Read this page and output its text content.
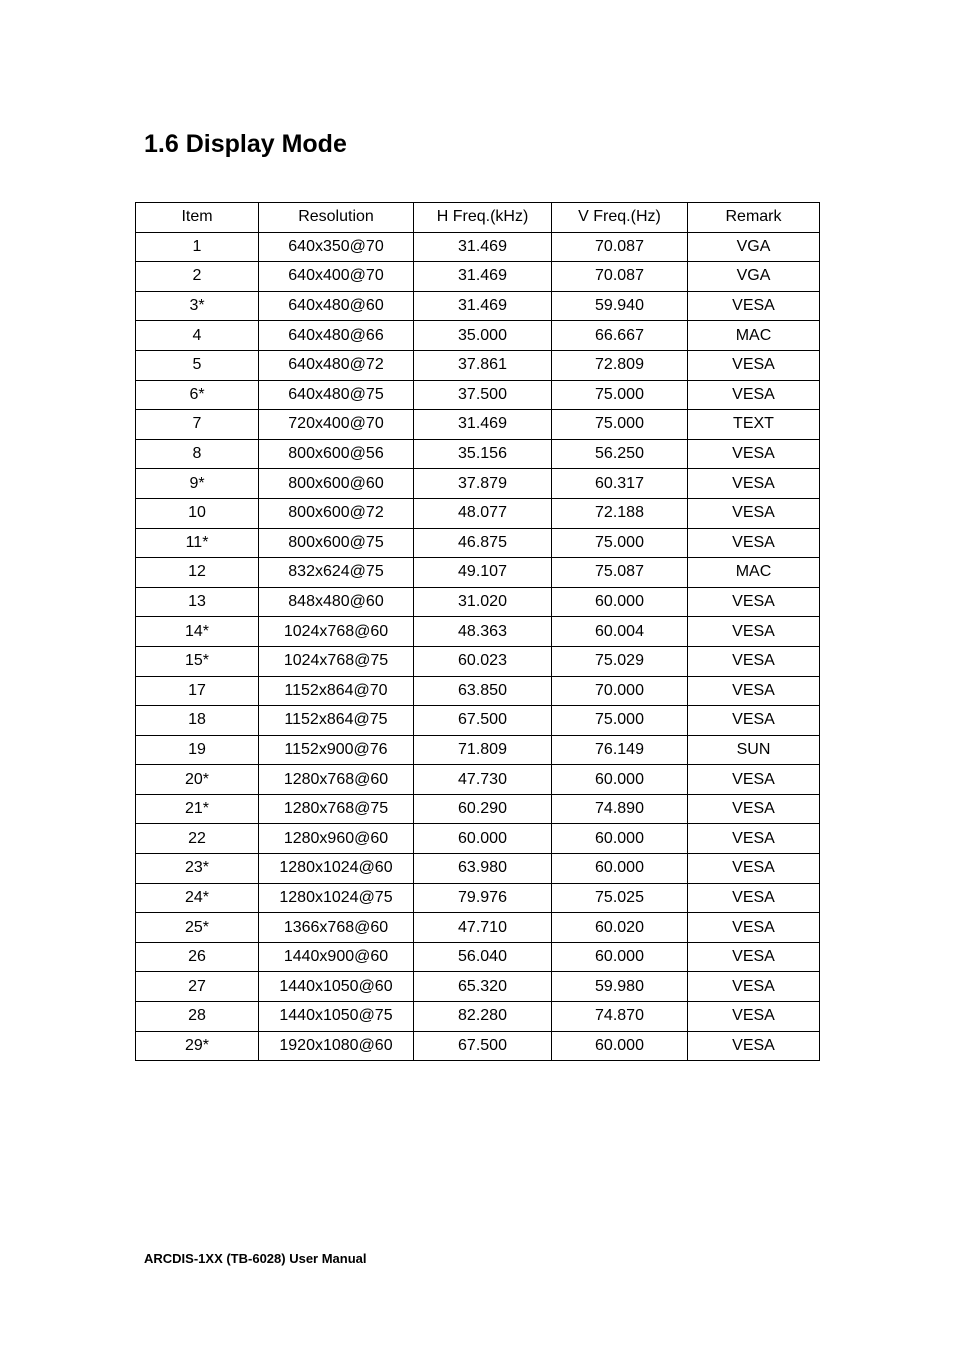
1.6 Display Mode
Item	Resolution	H Freq.(kHz)	V Freq.(Hz)	Remark
1	640x350@70	31.469	70.087	VGA
2	640x400@70	31.469	70.087	VGA
3*	640x480@60	31.469	59.940	VESA
4	640x480@66	35.000	66.667	MAC
5	640x480@72	37.861	72.809	VESA
6*	640x480@75	37.500	75.000	VESA
7	720x400@70	31.469	75.000	TEXT
8	800x600@56	35.156	56.250	VESA
9*	800x600@60	37.879	60.317	VESA
10	800x600@72	48.077	72.188	VESA
11*	800x600@75	46.875	75.000	VESA
12	832x624@75	49.107	75.087	MAC
13	848x480@60	31.020	60.000	VESA
14*	1024x768@60	48.363	60.004	VESA
15*	1024x768@75	60.023	75.029	VESA
17	1152x864@70	63.850	70.000	VESA
18	1152x864@75	67.500	75.000	VESA
19	1152x900@76	71.809	76.149	SUN
20*	1280x768@60	47.730	60.000	VESA
21*	1280x768@75	60.290	74.890	VESA
22	1280x960@60	60.000	60.000	VESA
23*	1280x1024@60	63.980	60.000	VESA
24*	1280x1024@75	79.976	75.025	VESA
25*	1366x768@60	47.710	60.020	VESA
26	1440x900@60	56.040	60.000	VESA
27	1440x1050@60	65.320	59.980	VESA
28	1440x1050@75	82.280	74.870	VESA
29*	1920x1080@60	67.500	60.000	VESA

ARCDIS-1XX (TB-6028) User Manual
